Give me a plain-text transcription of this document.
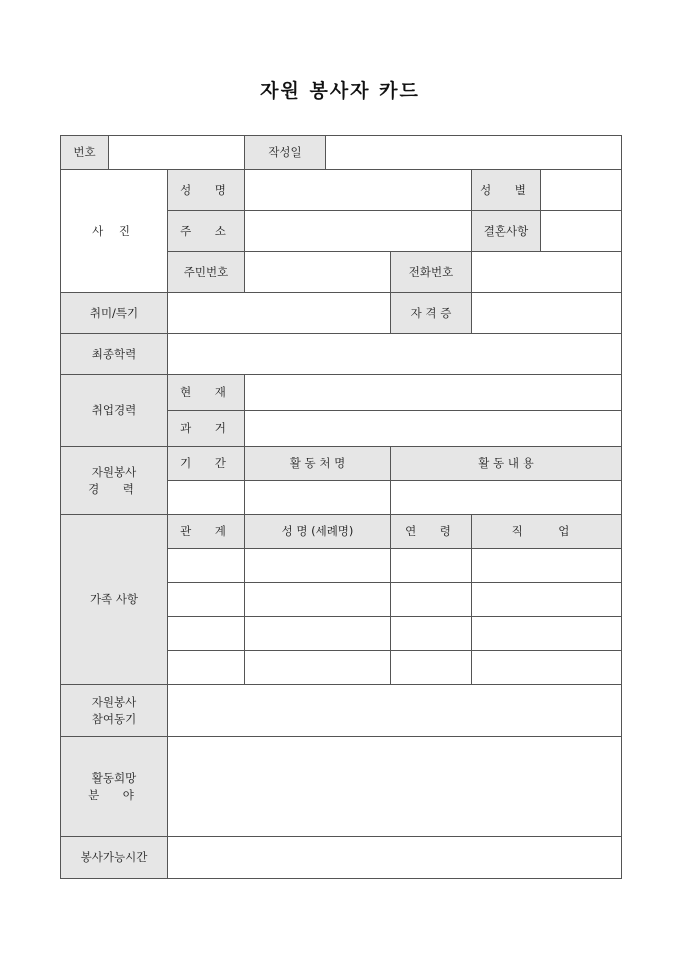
자원 봉사자 카드
번호			작성일				
사 진		성　명				성　별	
		주　소				결혼사항	
		주민번호			전화번호		
취미/특기					자 격 증		
최종학력							
취업경력		현　재					
		과　거					

자원봉사
경　력		기　간	활 동 처 명		활 동 내 용		

가족 사항		관　계	성 명 (세례명)		연　령	직　업	

자원봉사
참여동기							

활동희망
분　야							

봉사가능시간							
